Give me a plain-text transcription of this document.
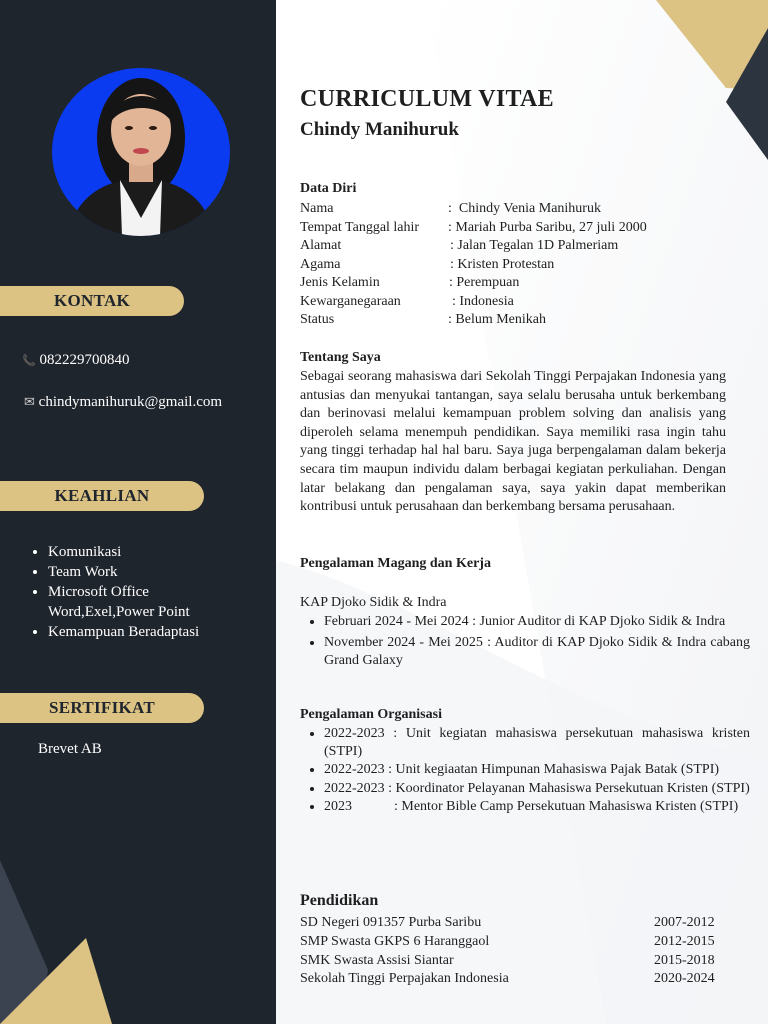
KONTAK
📞 082229700840
✉ chindymanihuruk@gmail.com
KEAHLIAN
• Komunikasi
• Team Work
• Microsoft Office Word,Exel,Power Point
• Kemampuan Beradaptasi
SERTIFIKAT
Brevet AB
CURRICULUM VITAE
Chindy Manihuruk
Data Diri
Nama	:  Chindy Venia Manihuruk
Tempat Tanggal lahir : Mariah Purba Saribu, 27 juli 2000
Alamat	: Jalan Tegalan 1D Palmeriam
Agama	: Kristen Protestan
Jenis Kelamin	: Perempuan
Kewarganegaraan	: Indonesia
Status	: Belum Menikah
Tentang Saya
Sebagai seorang mahasiswa dari Sekolah Tinggi Perpajakan Indonesia yang antusias dan menyukai tantangan, saya selalu berusaha untuk berkembang dan berinovasi melalui kemampuan problem solving dan analisis yang diperoleh selama menempuh pendidikan. Saya memiliki rasa ingin tahu yang tinggi terhadap hal hal baru. Saya juga berpengalaman dalam bekerja secara tim maupun individu dalam berbagai kegiatan perkuliahan. Dengan latar belakang dan pengalaman saya, saya yakin dapat memberikan kontribusi untuk perusahaan dan berkembang bersama perusahaan.
Pengalaman Magang dan Kerja
KAP Djoko Sidik & Indra
• Februari 2024 - Mei 2024 : Junior Auditor di KAP Djoko Sidik & Indra
• November 2024 - Mei 2025 : Auditor di KAP Djoko Sidik & Indra cabang Grand Galaxy
Pengalaman Organisasi
• 2022-2023 : Unit kegiatan mahasiswa persekutuan mahasiswa kristen (STPI)
• 2022-2023 : Unit kegiaatan Himpunan Mahasiswa Pajak Batak (STPI)
• 2022-2023 : Koordinator Pelayanan Mahasiswa Persekutuan Kristen (STPI)
• 2023            : Mentor Bible Camp Persekutuan Mahasiswa Kristen (STPI)
Pendidikan
SD Negeri 091357 Purba Saribu	2007-2012
SMP Swasta GKPS 6 Haranggaol	2012-2015
SMK Swasta Assisi Siantar	2015-2018
Sekolah Tinggi Perpajakan Indonesia	2020-2024
